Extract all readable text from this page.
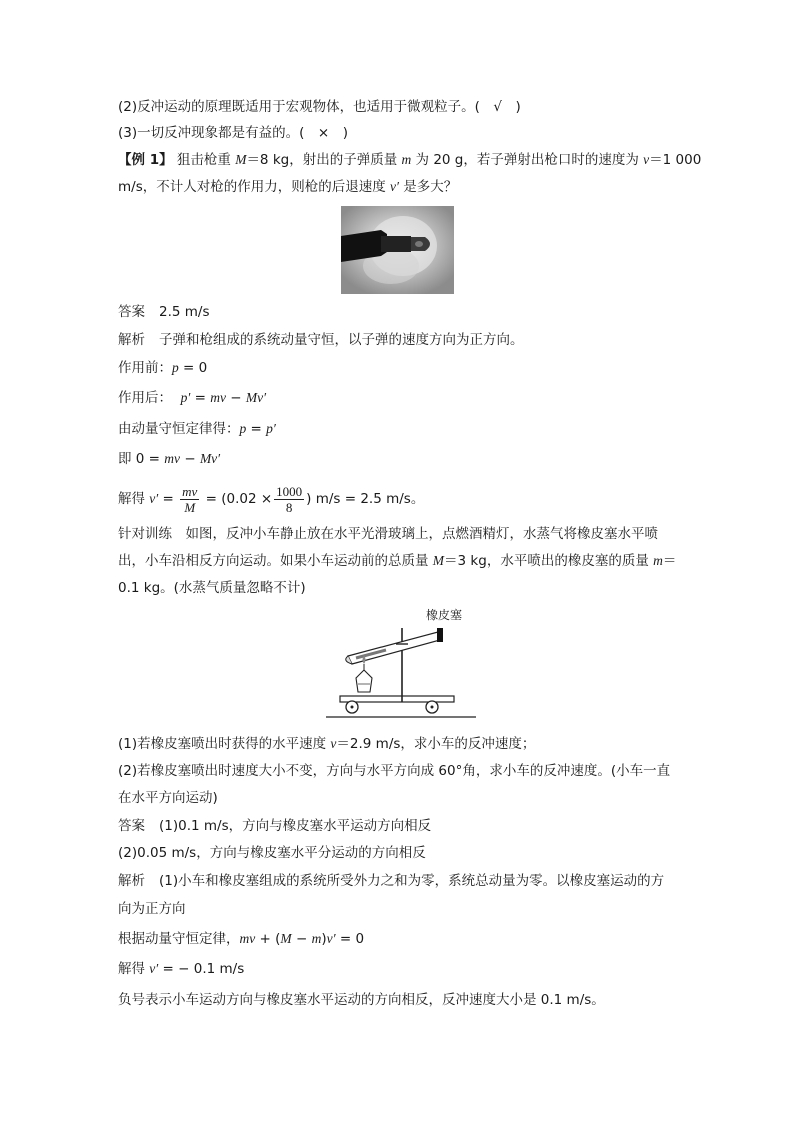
(2)反冲运动的原理既适用于宏观物体，也适用于微观粒子。(　√　)
(3)一切反冲现象都是有益的。(　×　)
【例 1】 狙击枪重 M＝8 kg，射出的子弹质量 m 为 20 g，若子弹射出枪口时的速度为 v＝1 000
m/s，不计人对枪的作用力，则枪的后退速度 v′ 是多大？
答案 2.5 m/s
解析 子弹和枪组成的系统动量守恒，以子弹的速度方向为正方向。
作用前：p = 0
作用后： p′ = mv − Mv′
由动量守恒定律得：p = p′
即 0 = mv − Mv′
解得 $v' = \frac{mv}{M} = (0.02 \times \frac{1000}{8}$ ) m/s = 2.5 m/s。
针对训练　如图，反冲小车静止放在水平光滑玻璃上，点燃酒精灯，水蒸气将橡皮塞水平喷
出，小车沿相反方向运动。如果小车运动前的总质量 M＝3 kg，水平喷出的橡皮塞的质量 m＝
0.1 kg。(水蒸气质量忽略不计)
橡皮塞
(1)若橡皮塞喷出时获得的水平速度 v＝2.9 m/s，求小车的反冲速度；
(2)若橡皮塞喷出时速度大小不变，方向与水平方向成 60°角，求小车的反冲速度。(小车一直
在水平方向运动)
答案 (1)0.1 m/s，方向与橡皮塞水平运动方向相反
(2)0.05 m/s，方向与橡皮塞水平分运动的方向相反
解析 (1)小车和橡皮塞组成的系统所受外力之和为零，系统总动量为零。以橡皮塞运动的方
向为正方向
根据动量守恒定律，mv + (M − m)v′ = 0
解得 v′ = − 0.1 m/s
负号表示小车运动方向与橡皮塞水平运动的方向相反，反冲速度大小是 0.1 m/s。
